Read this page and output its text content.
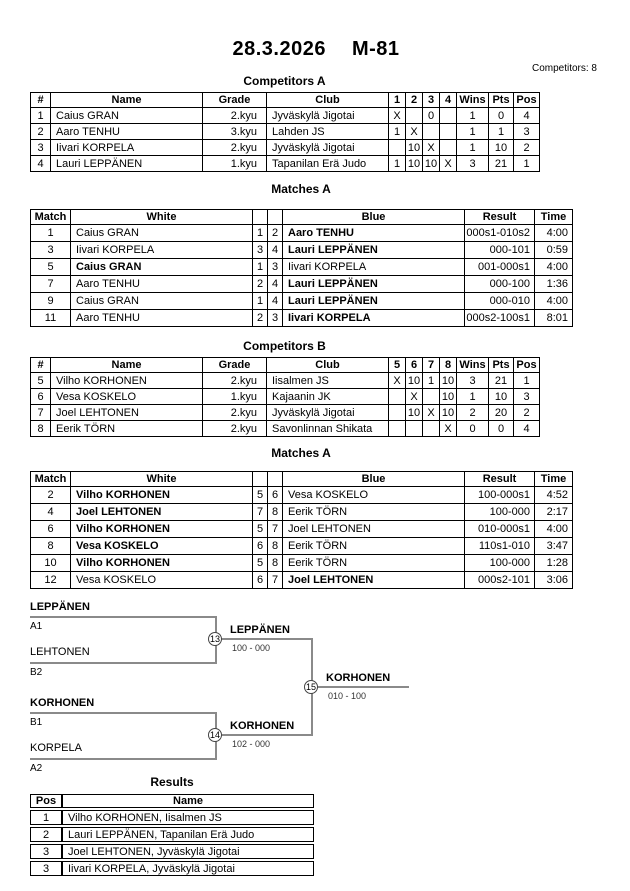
28.3.2026 M-81
Competitors: 8
Competitors A
#	Name	Grade	Club	1	2	3	4	Wins	Pts	Pos
1	Caius GRAN	2.kyu	Jyväskylä Jigotai	X		0		1	0	4
2	Aaro TENHU	3.kyu	Lahden JS	1	X			1	1	3
3	Iivari KORPELA	2.kyu	Jyväskylä Jigotai		10	X		1	10	2
4	Lauri LEPPÄNEN	1.kyu	Tapanilan Erä Judo	1	10	10	X	3	21	1
Matches A
Match	White			Blue	Result	Time
1	Caius GRAN	1	2	Aaro TENHU	000s1-010s2	4:00
3	Iivari KORPELA	3	4	Lauri LEPPÄNEN	000-101	0:59
5	Caius GRAN	1	3	Iivari KORPELA	001-000s1	4:00
7	Aaro TENHU	2	4	Lauri LEPPÄNEN	000-100	1:36
9	Caius GRAN	1	4	Lauri LEPPÄNEN	000-010	4:00
11	Aaro TENHU	2	3	Iivari KORPELA	000s2-100s1	8:01
Competitors B
#	Name	Grade	Club	5	6	7	8	Wins	Pts	Pos
5	Vilho KORHONEN	2.kyu	Iisalmen JS	X	10	1	10	3	21	1
6	Vesa KOSKELO	1.kyu	Kajaanin JK		X		10	1	10	3
7	Joel LEHTONEN	2.kyu	Jyväskylä Jigotai		10	X	10	2	20	2
8	Eerik TÖRN	2.kyu	Savonlinnan Shikata				X	0	0	4
Matches A
Match	White			Blue	Result	Time
2	Vilho KORHONEN	5	6	Vesa KOSKELO	100-000s1	4:52
4	Joel LEHTONEN	7	8	Eerik TÖRN	100-000	2:17
6	Vilho KORHONEN	5	7	Joel LEHTONEN	010-000s1	4:00
8	Vesa KOSKELO	6	8	Eerik TÖRN	110s1-010	3:47
10	Vilho KORHONEN	5	8	Eerik TÖRN	100-000	1:28
12	Vesa KOSKELO	6	7	Joel LEHTONEN	000s2-101	3:06
LEPPÄNEN
A1
LEHTONEN
B2
13
LEPPÄNEN
100 - 000
15
KORHONEN
010 - 100
KORHONEN
B1
KORPELA
A2
14
KORHONEN
102 - 000
Results
Pos	Name
1	Vilho KORHONEN, Iisalmen JS
2	Lauri LEPPÄNEN, Tapanilan Erä Judo
3	Joel LEHTONEN, Jyväskylä Jigotai
3	Iivari KORPELA, Jyväskylä Jigotai
